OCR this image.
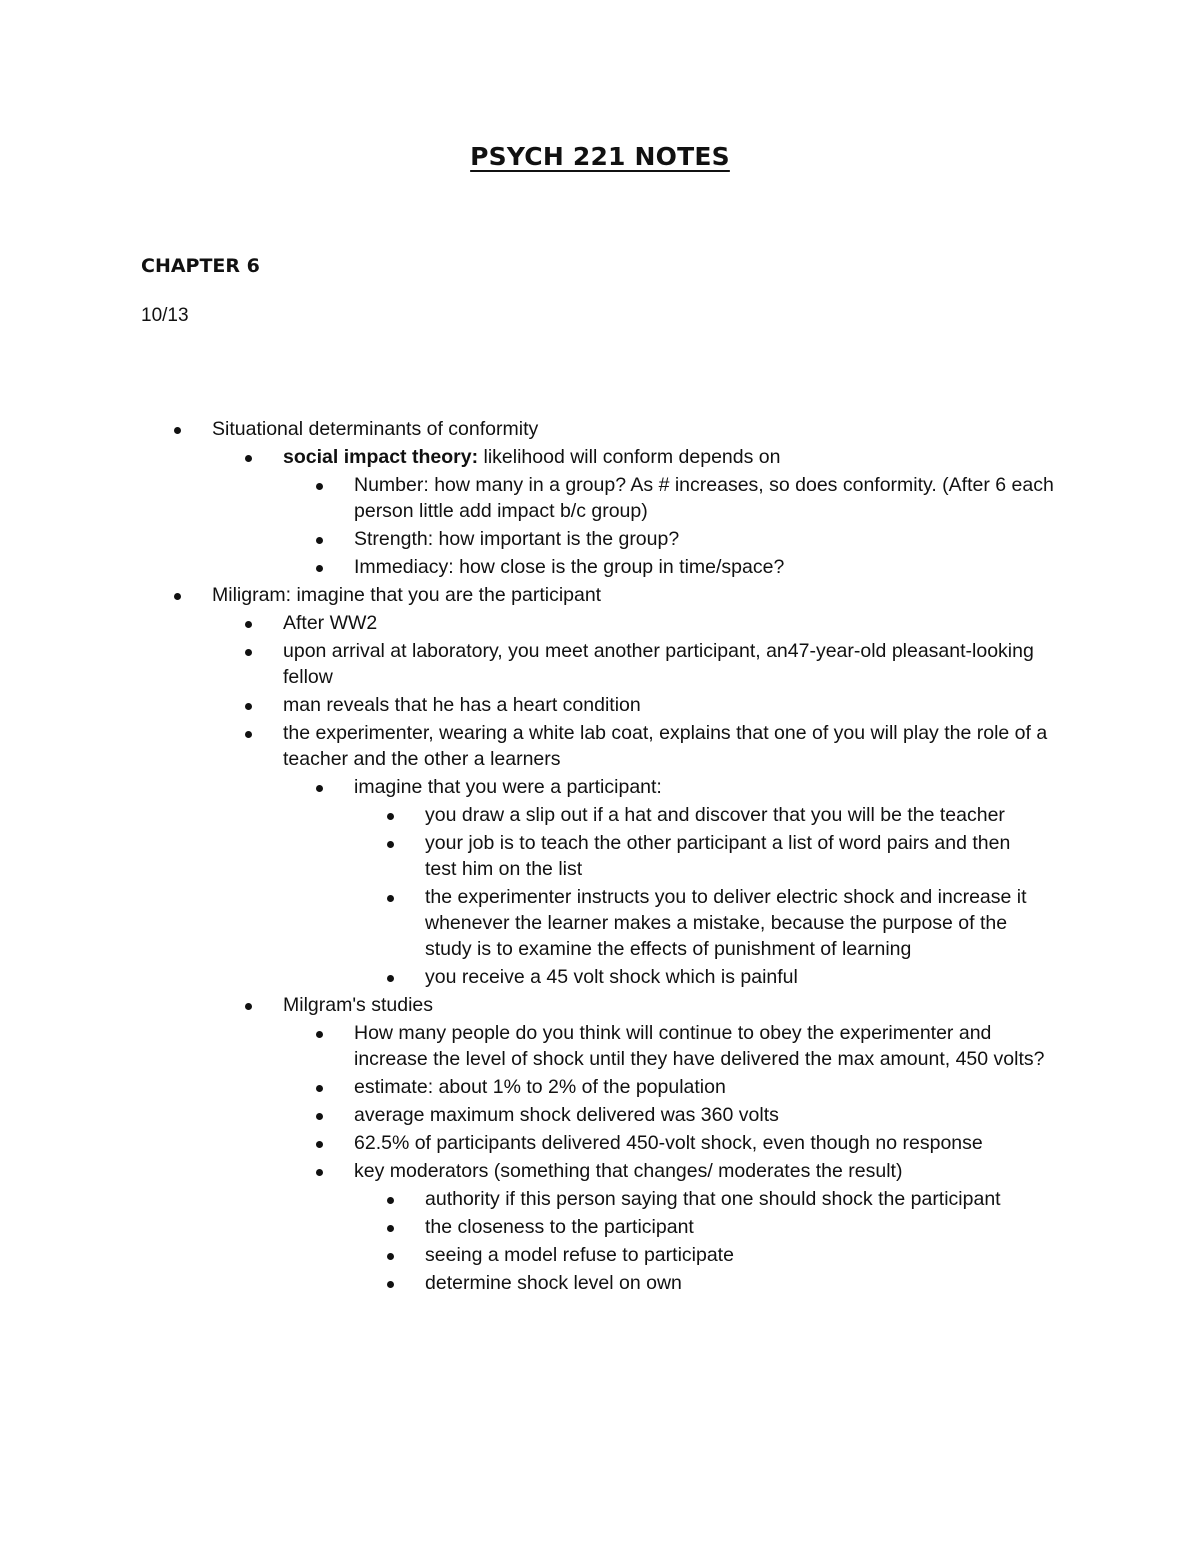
PSYCH 221 NOTES
CHAPTER 6
10/13
Situational determinants of conformity
social impact theory: likelihood will conform depends on
Number: how many in a group? As # increases, so does conformity. (After 6 each person little add impact b/c group)
Strength: how important is the group?
Immediacy: how close is the group in time/space?
Miligram: imagine that you are the participant
After WW2
upon arrival at laboratory, you meet another participant, an47-year-old pleasant-looking fellow
man reveals that he has a heart condition
the experimenter, wearing a white lab coat, explains that one of you will play the role of a teacher and the other a learners
imagine that you were a participant:
you draw a slip out if a hat and discover that you will be the teacher
your job is to teach the other participant a list of word pairs and then test him on the list
the experimenter instructs you to deliver electric shock and increase it whenever the learner makes a mistake, because the purpose of the study is to examine the effects of punishment of learning
you receive a 45 volt shock which is painful
Milgram's studies
How many people do you think will continue to obey the experimenter and increase the level of shock until they have delivered the max amount, 450 volts?
estimate: about 1% to 2% of the population
average maximum shock delivered was 360 volts
62.5% of participants delivered 450-volt shock, even though no response
key moderators (something that changes/ moderates the result)
authority if this person saying that one should shock the participant
the closeness to the participant
seeing a model refuse to participate
determine shock level on own
